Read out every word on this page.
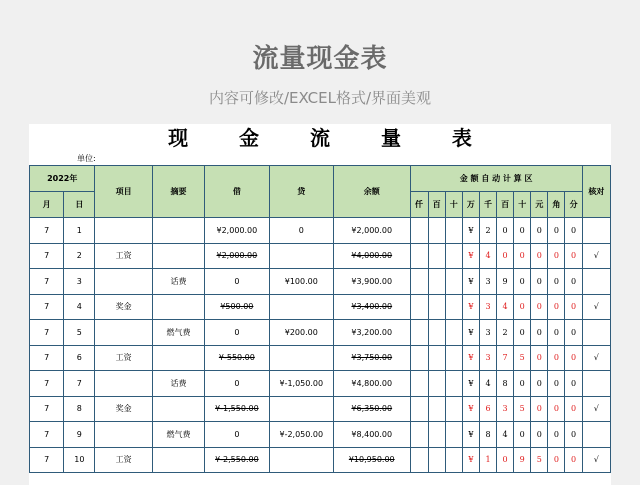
流量现金表
内容可修改/EXCEL格式/界面美观
现 金 流 量 表
单位:
2022年		项目	摘要	借	贷	余额	金 额 自 动 计 算 区										核对
月	日						仟	百	十	万	千	百	十	元	角	分	
7	1			¥2,000.00	0	¥2,000.00				¥	2	0	0	0	0	0	
7	2	工资		¥2,000.00		¥4,000.00				¥	4	0	0	0	0	0	√
7	3		话费	0	¥100.00	¥3,900.00				¥	3	9	0	0	0	0	
7	4	奖金		¥500.00		¥3,400.00				¥	3	4	0	0	0	0	√
7	5		燃气费	0	¥200.00	¥3,200.00				¥	3	2	0	0	0	0	
7	6	工资		¥-550.00		¥3,750.00				¥	3	7	5	0	0	0	√
7	7		话费	0	¥-1,050.00	¥4,800.00				¥	4	8	0	0	0	0	
7	8	奖金		¥-1,550.00		¥6,350.00				¥	6	3	5	0	0	0	√
7	9		燃气费	0	¥-2,050.00	¥8,400.00				¥	8	4	0	0	0	0	
7	10	工资		¥-2,550.00		¥10,950.00				¥	1	0	9	5	0	0	√
